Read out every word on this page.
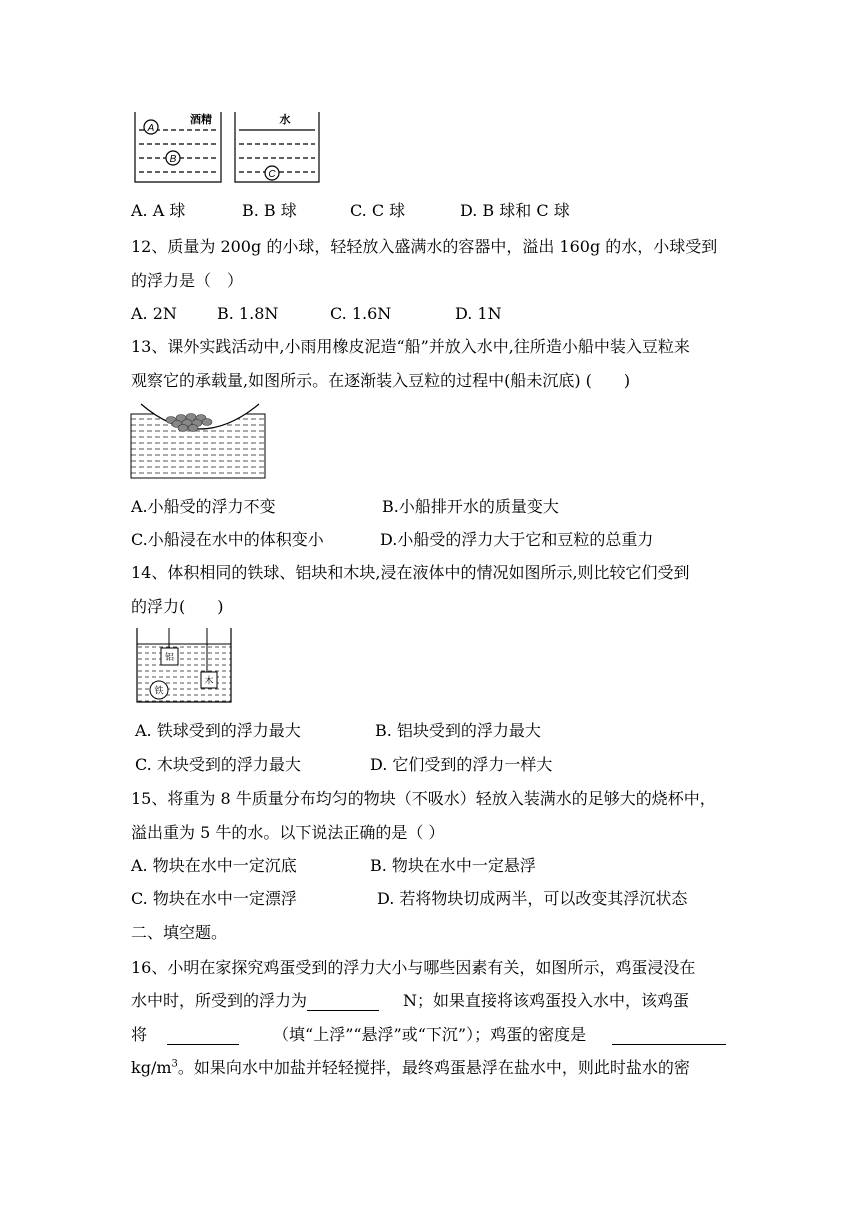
A
B
C
酒精	水
A. A 球	B. B 球	C. C 球	D. B 球和 C 球
12、质量为 200g 的小球，轻轻放入盛满水的容器中，溢出 160g 的水，小球受到
的浮力是（　）
A. 2N	B. 1.8N	C. 1.6N	D. 1N
13、课外实践活动中,小雨用橡皮泥造“船”并放入水中,往所造小船中装入豆粒来
观察它的承载量,如图所示。在逐渐装入豆粒的过程中(船未沉底) (　　)
A.小船受的浮力不变	B.小船排开水的质量变大
C.小船浸在水中的体积变小	D.小船受的浮力大于它和豆粒的总重力
14、体积相同的铁球、铝块和木块,浸在液体中的情况如图所示,则比较它们受到
的浮力(　　)
铝
木
铁
A. 铁球受到的浮力最大	B. 铝块受到的浮力最大
C. 木块受到的浮力最大	D. 它们受到的浮力一样大
15、将重为 8 牛质量分布均匀的物块（不吸水）轻放入装满水的足够大的烧杯中，
溢出重为 5 牛的水。以下说法正确的是（ ）
A. 物块在水中一定沉底	B. 物块在水中一定悬浮
C. 物块在水中一定漂浮	D. 若将物块切成两半，可以改变其浮沉状态
二、填空题。
16、小明在家探究鸡蛋受到的浮力大小与哪些因素有关，如图所示，鸡蛋浸没在
水中时，所受到的浮力为	N；如果直接将该鸡蛋投入水中，该鸡蛋
将	（填“上浮”“悬浮”或“下沉”）；鸡蛋的密度是
$kg/m^3$。如果向水中加盐并轻轻搅拌，最终鸡蛋悬浮在盐水中，则此时盐水的密
